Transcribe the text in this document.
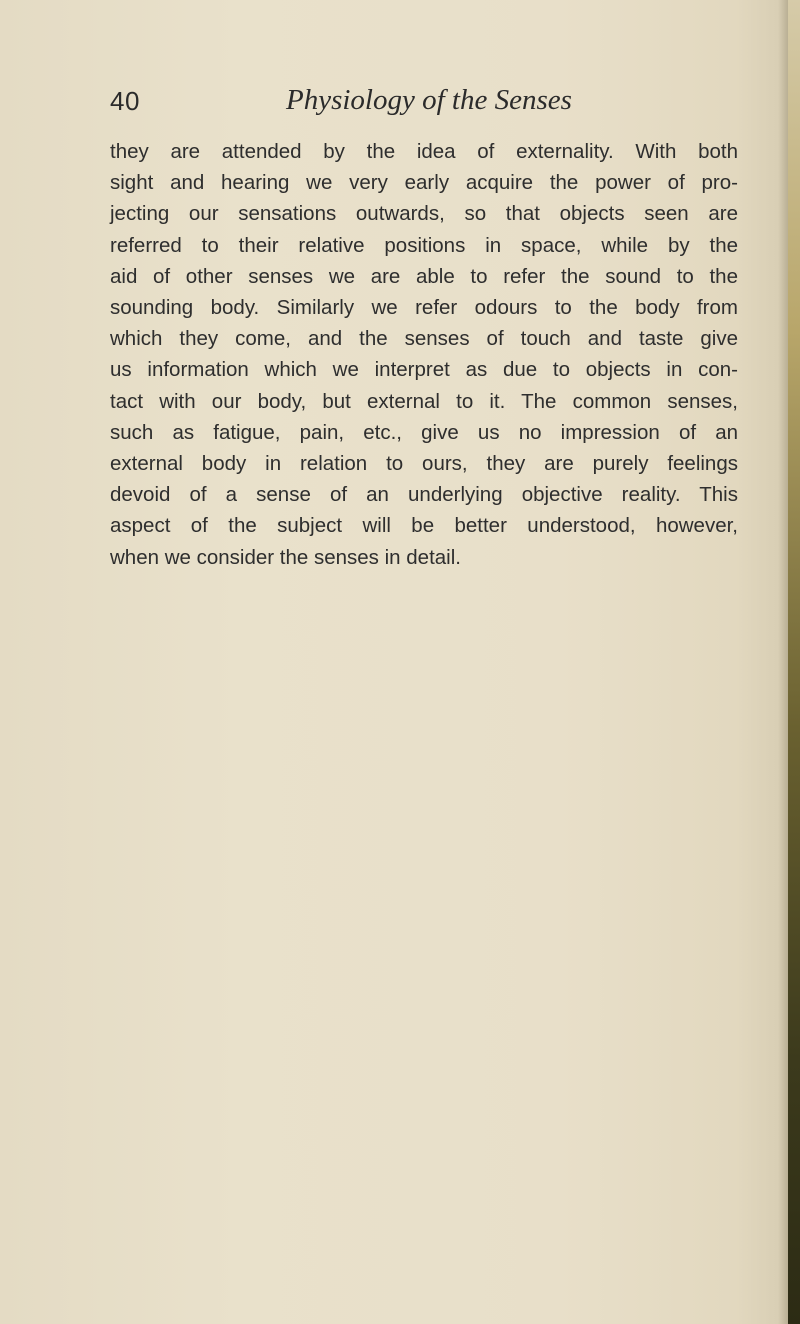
40	Physiology of the Senses

they are attended by the idea of externality. With both
sight and hearing we very early acquire the power of pro-
jecting our sensations outwards, so that objects seen are
referred to their relative positions in space, while by the
aid of other senses we are able to refer the sound to the
sounding body. Similarly we refer odours to the body from
which they come, and the senses of touch and taste give
us information which we interpret as due to objects in con-
tact with our body, but external to it. The common senses,
such as fatigue, pain, etc., give us no impression of an
external body in relation to ours, they are purely feelings
devoid of a sense of an underlying objective reality. This
aspect of the subject will be better understood, however,
when we consider the senses in detail.
